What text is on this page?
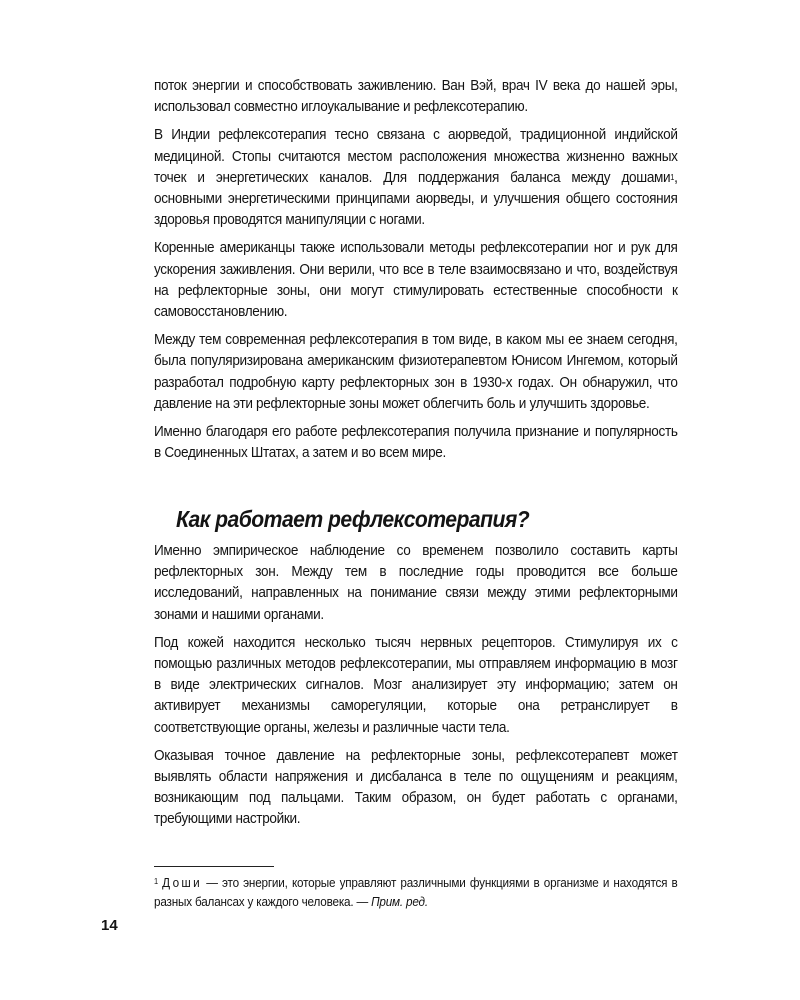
поток энергии и способствовать заживлению. Ван Вэй, врач IV века до нашей эры, использовал совместно иглоукалывание и рефлексотерапию.

В Индии рефлексотерапия тесно связана с аюрведой, традиционной индийской медициной. Стопы считаются местом расположения множества жизненно важных точек и энергетических каналов. Для поддержания баланса между дошами$^1$, основными энергетическими принципами аюрведы, и улучшения общего состояния здоровья проводятся манипуляции с ногами.

Коренные американцы также использовали методы рефлексотерапии ног и рук для ускорения заживления. Они верили, что все в теле взаимосвязано и что, воздействуя на рефлекторные зоны, они могут стимулировать естественные способности к самовосстановлению.

Между тем современная рефлексотерапия в том виде, в каком мы ее знаем сегодня, была популяризирована американским физиотерапевтом Юнисом Ингемом, который разработал подробную карту рефлекторных зон в 1930-х годах. Он обнаружил, что давление на эти рефлекторные зоны может облегчить боль и улучшить здоровье.

Именно благодаря его работе рефлексотерапия получила признание и популярность в Соединенных Штатах, а затем и во всем мире.

Как работает рефлексотерапия?

Именно эмпирическое наблюдение со временем позволило составить карты рефлекторных зон. Между тем в последние годы проводится все больше исследований, направленных на понимание связи между этими рефлекторными зонами и нашими органами.

Под кожей находится несколько тысяч нервных рецепторов. Стимулируя их с помощью различных методов рефлексотерапии, мы отправляем информацию в мозг в виде электрических сигналов. Мозг анализирует эту информацию; затем он активирует механизмы саморегуляции, которые она ретранслирует в соответствующие органы, железы и различные части тела.

Оказывая точное давление на рефлекторные зоны, рефлексотерапевт может выявлять области напряжения и дисбаланса в теле по ощущениям и реакциям, возникающим под пальцами. Таким образом, он будет работать с органами, требующими настройки.

$^1$ Доши — это энергии, которые управляют различными функциями в организме и находятся в разных балансах у каждого человека. — Прим. ред.

14
